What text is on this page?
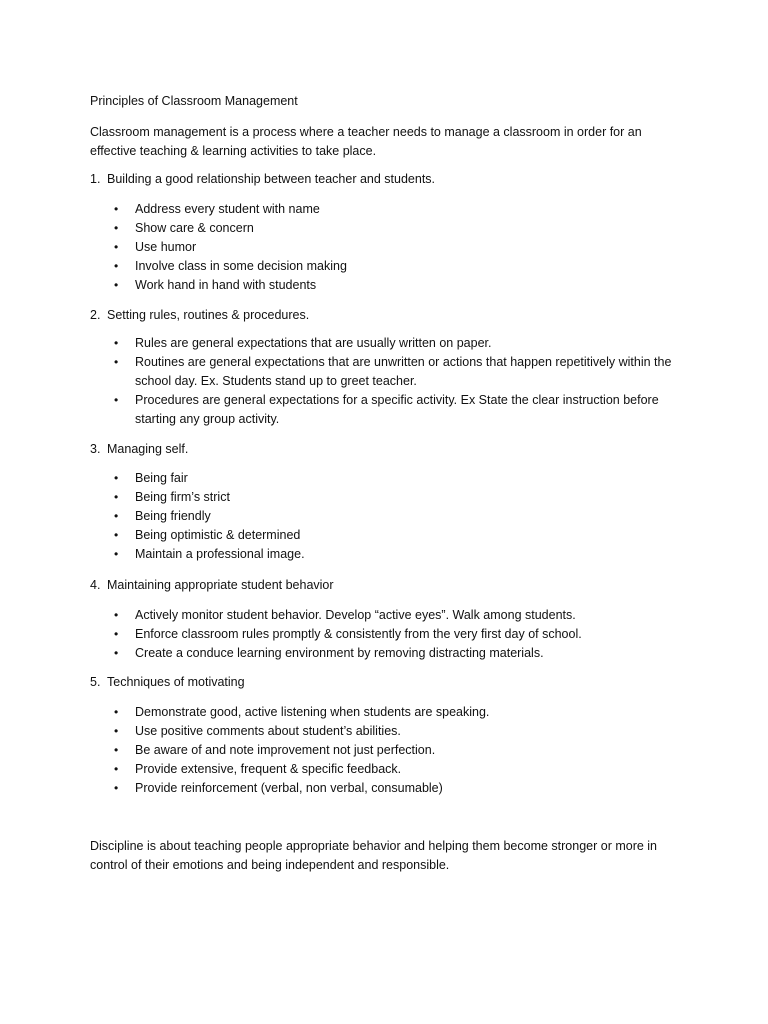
Principles of Classroom Management

Classroom management is a process where a teacher needs to manage a classroom in order for an effective teaching & learning activities to take place.

1. Building a good relationship between teacher and students.

• Address every student with name
• Show care & concern
• Use humor
• Involve class in some decision making
• Work hand in hand with students

2. Setting rules, routines & procedures.

• Rules are general expectations that are usually written on paper.
• Routines are general expectations that are unwritten or actions that happen repetitively within the school day. Ex. Students stand up to greet teacher.
• Procedures are general expectations for a specific activity. Ex State the clear instruction before starting any group activity.

3. Managing self.

• Being fair
• Being firm’s strict
• Being friendly
• Being optimistic & determined
• Maintain a professional image.

4. Maintaining appropriate student behavior

• Actively monitor student behavior. Develop “active eyes”. Walk among students.
• Enforce classroom rules promptly & consistently from the very first day of school.
• Create a conduce learning environment by removing distracting materials.

5. Techniques of motivating

• Demonstrate good, active listening when students are speaking.
• Use positive comments about student’s abilities.
• Be aware of and note improvement not just perfection.
• Provide extensive, frequent & specific feedback.
• Provide reinforcement (verbal, non verbal, consumable)

Discipline is about teaching people appropriate behavior and helping them become stronger or more in control of their emotions and being independent and responsible.
